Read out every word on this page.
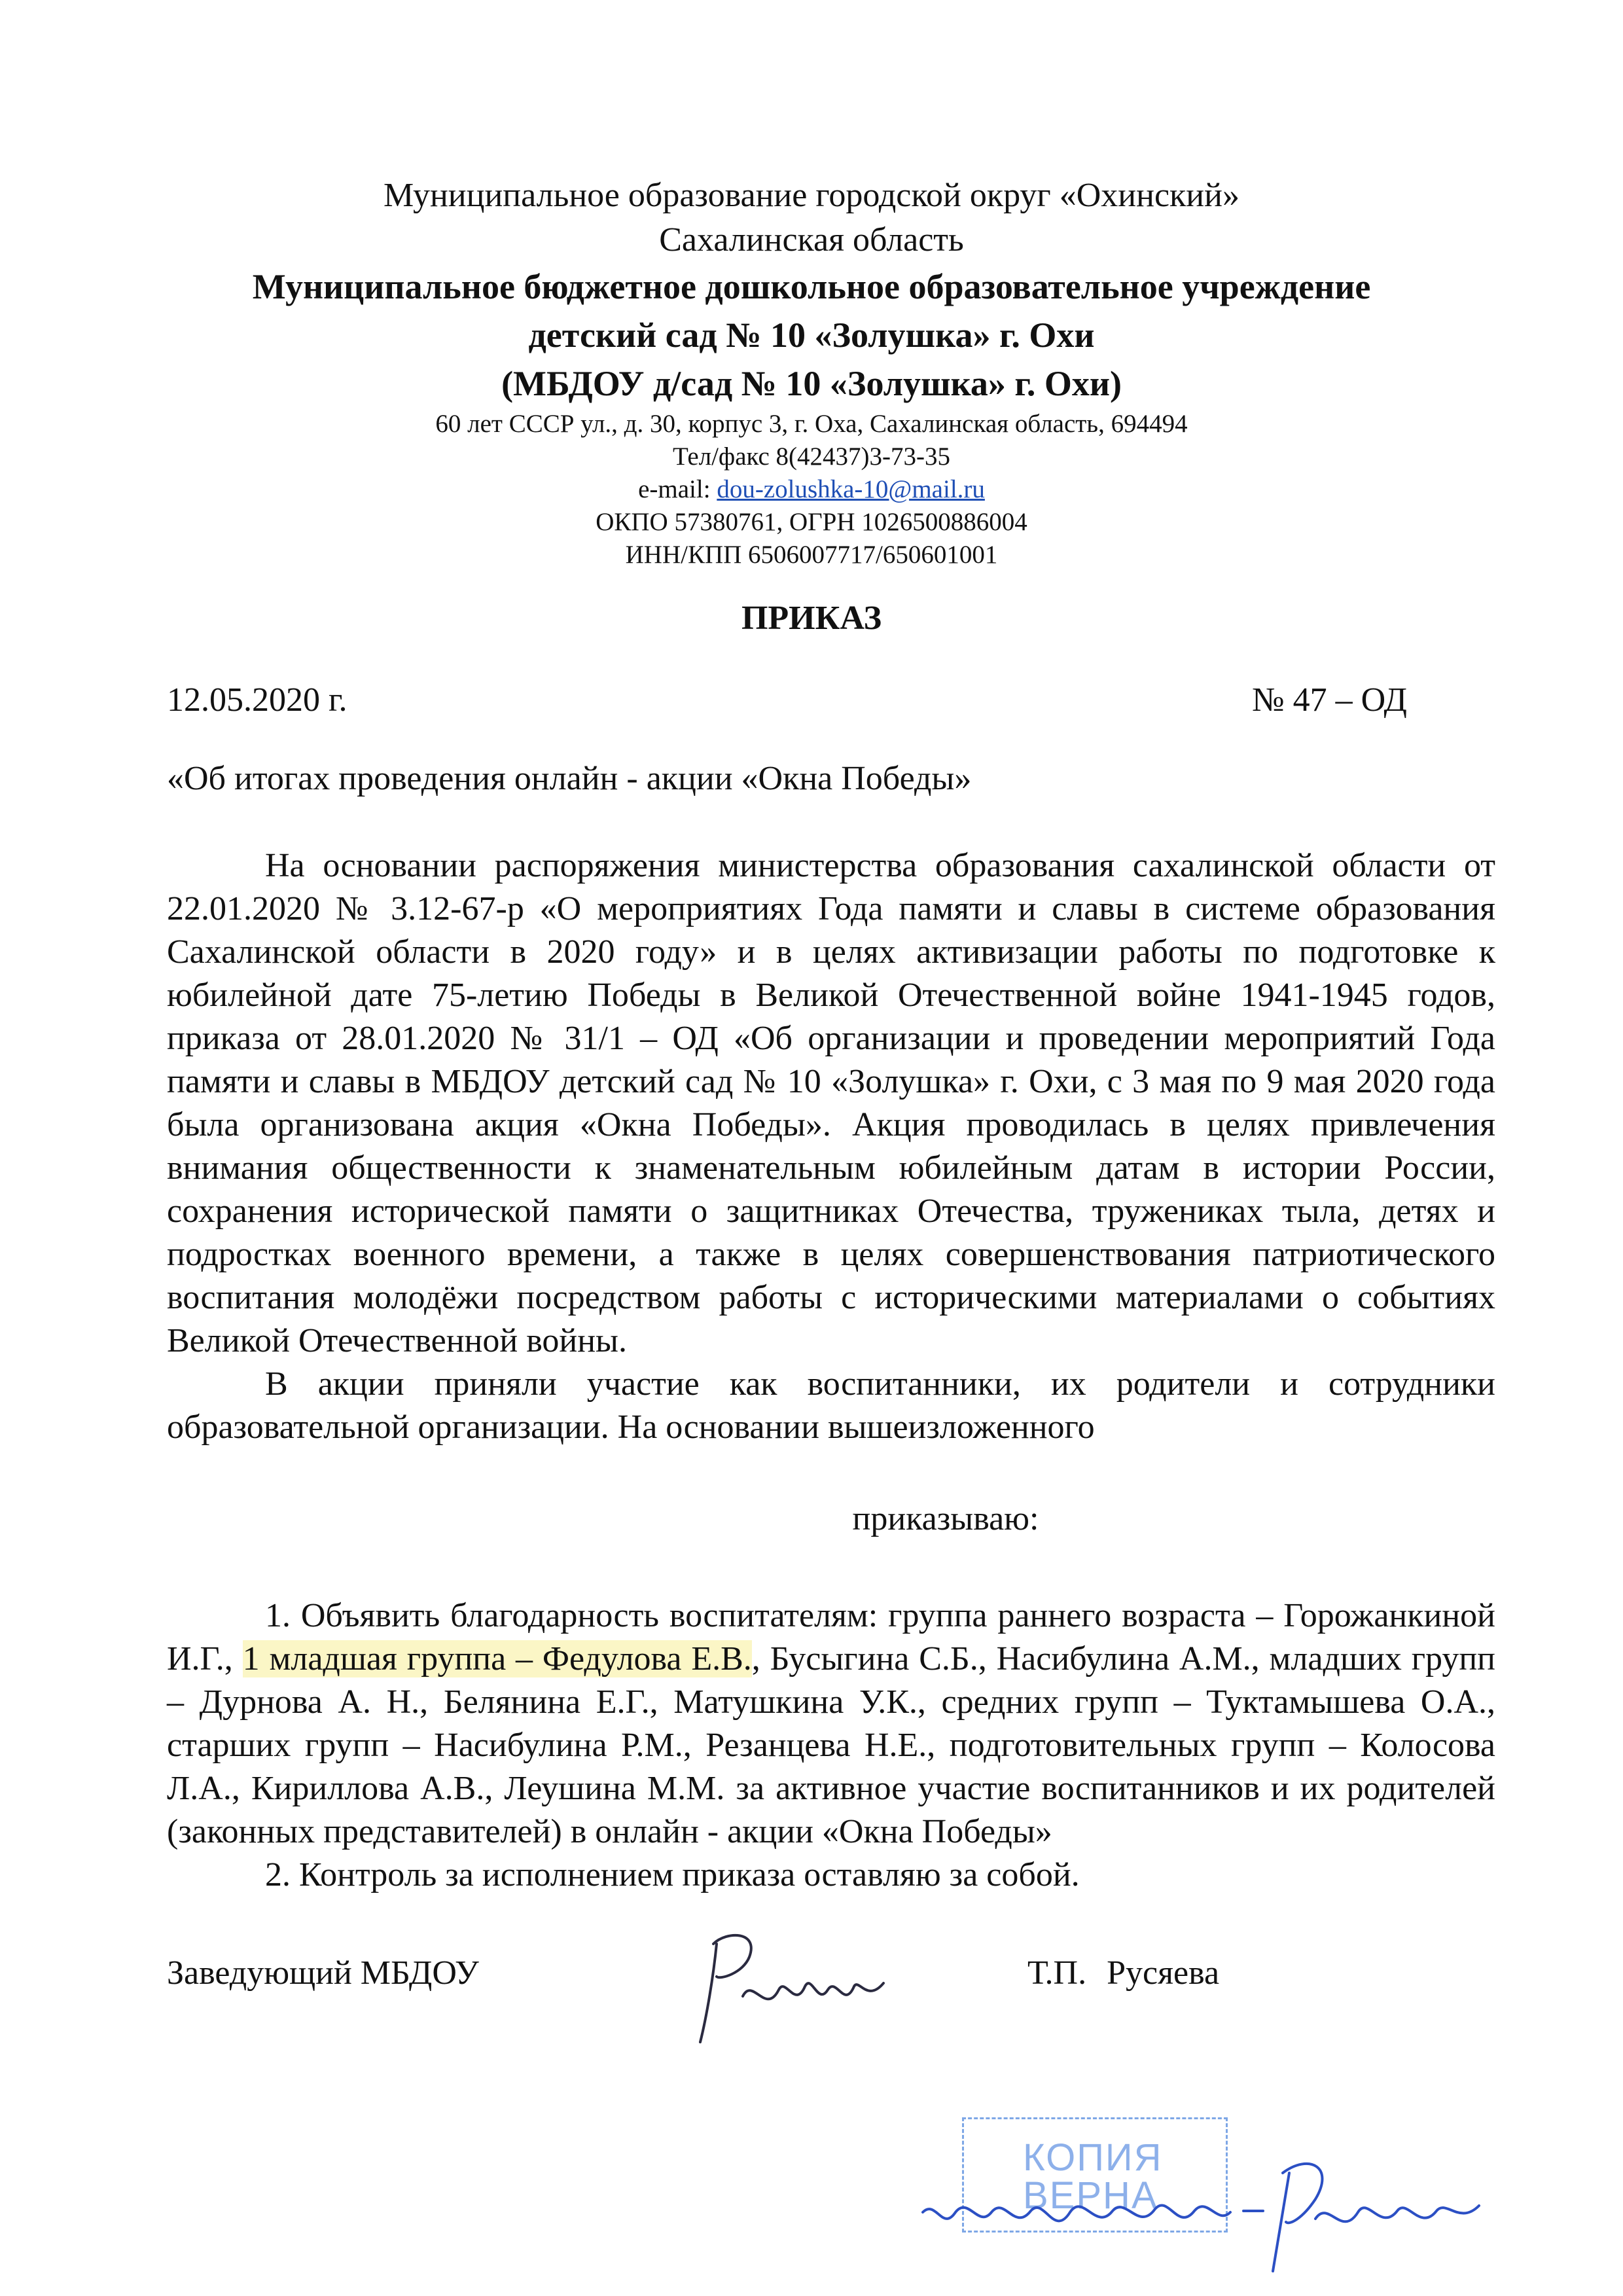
Муниципальное образование городской округ «Охинский»
Сахалинская область
Муниципальное бюджетное дошкольное образовательное учреждение
детский сад № 10 «Золушка» г. Охи
(МБДОУ д/сад № 10 «Золушка» г. Охи)
60 лет СССР ул., д. 30, корпус 3, г. Оха, Сахалинская область, 694494
Тел/факс 8(42437)3-73-35
e-mail: dou-zolushka-10@mail.ru
ОКПО 57380761, ОГРН 1026500886004
ИНН/КПП 6506007717/650601001
ПРИКАЗ
12.05.2020 г.	№ 47 – ОД
«Об итогах проведения онлайн - акции «Окна Победы»

На основании распоряжения министерства образования сахалинской области от 22.01.2020 № 3.12-67-р «О мероприятиях Года памяти и славы в системе образования Сахалинской области в 2020 году» и в целях активизации работы по подготовке к юбилейной дате 75-летию Победы в Великой Отечественной войне 1941-1945 годов, приказа от 28.01.2020 № 31/1 – ОД «Об организации и проведении мероприятий Года памяти и славы в МБДОУ детский сад № 10 «Золушка» г. Охи, с 3 мая по 9 мая 2020 года была организована акция «Окна Победы». Акция проводилась в целях привлечения внимания общественности к знаменательным юбилейным датам в истории России, сохранения исторической памяти о защитниках Отечества, тружениках тыла, детях и подростках военного времени, а также в целях совершенствования патриотического воспитания молодёжи посредством работы с историческими материалами о событиях Великой Отечественной войны.

В акции приняли участие как воспитанники, их родители и сотрудники образовательной организации. На основании вышеизложенного

приказываю:

1. Объявить благодарность воспитателям: группа раннего возраста – Горожанкиной И.Г., 1 младшая группа – Федулова Е.В., Бусыгина С.Б., Насибулина А.М., младших групп – Дурнова А. Н., Белянина Е.Г., Матушкина У.К., средних групп – Туктамышева О.А., старших групп – Насибулина Р.М., Резанцева Н.Е., подготовительных групп – Колосова Л.А., Кириллова А.В., Леушина М.М. за активное участие воспитанников и их родителей (законных представителей) в онлайн - акции «Окна Победы»

2. Контроль за исполнением приказа оставляю за собой.

Заведующий МБДОУ	Т.П. Русяева
КОПИЯ
ВЕРНА
